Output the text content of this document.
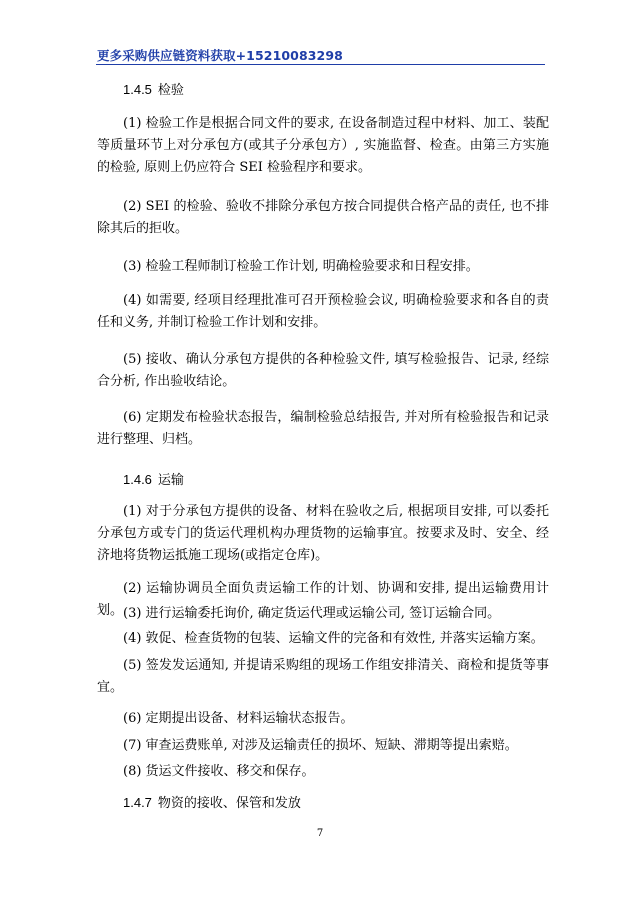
更多采购供应链资料获取+15210083298
1.4.5 检验

(1) 检验工作是根据合同文件的要求, 在设备制造过程中材料、加工、装配等质量环节上对分承包方(或其子分承包方）, 实施监督、检查。由第三方实施的检验, 原则上仍应符合 SEI 检验程序和要求。

(2) SEI 的检验、验收不排除分承包方按合同提供合格产品的责任, 也不排除其后的拒收。

(3) 检验工程师制订检验工作计划, 明确检验要求和日程安排。

(4) 如需要, 经项目经理批准可召开预检验会议, 明确检验要求和各自的责任和义务, 并制订检验工作计划和安排。

(5) 接收、确认分承包方提供的各种检验文件, 填写检验报告、记录, 经综合分析, 作出验收结论。

(6) 定期发布检验状态报告，编制检验总结报告, 并对所有检验报告和记录进行整理、归档。

1.4.6 运输

(1) 对于分承包方提供的设备、材料在验收之后, 根据项目安排, 可以委托分承包方或专门的货运代理机构办理货物的运输事宜。按要求及时、安全、经济地将货物运抵施工现场(或指定仓库)。

(2) 运输协调员全面负责运输工作的计划、协调和安排, 提出运输费用计划。 (3) 进行运输委托询价, 确定货运代理或运输公司, 签订运输合同。

(4) 敦促、检查货物的包装、运输文件的完备和有效性, 并落实运输方案。

(5) 签发发运通知, 并提请采购组的现场工作组安排清关、商检和提货等事宜。

(6) 定期提出设备、材料运输状态报告。

(7) 审查运费账单, 对涉及运输责任的损坏、短缺、滞期等提出索赔。

(8) 货运文件接收、移交和保存。

1.4.7 物资的接收、保管和发放
7
